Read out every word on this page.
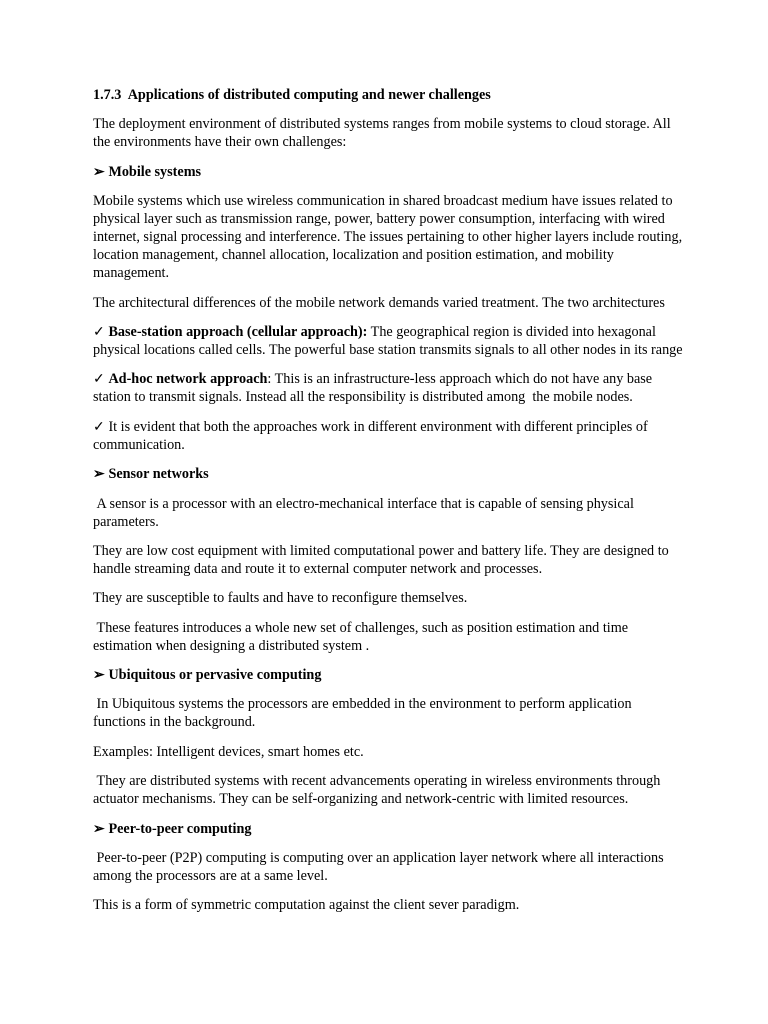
1.7.3 Applications of distributed computing and newer challenges

The deployment environment of distributed systems ranges from mobile systems to cloud storage. All the environments have their own challenges:

➢ Mobile systems

Mobile systems which use wireless communication in shared broadcast medium have issues related to physical layer such as transmission range, power, battery power consumption, interfacing with wired internet, signal processing and interference. The issues pertaining to other higher layers include routing, location management, channel allocation, localization and position estimation, and mobility management.

The architectural differences of the mobile network demands varied treatment. The two architectures

✓ Base-station approach (cellular approach): The geographical region is divided into hexagonal physical locations called cells. The powerful base station transmits signals to all other nodes in its range

✓ Ad-hoc network approach: This is an infrastructure-less approach which do not have any base station to transmit signals. Instead all the responsibility is distributed among  the mobile nodes.

✓ It is evident that both the approaches work in different environment with different principles of communication.

➢ Sensor networks

A sensor is a processor with an electro-mechanical interface that is capable of sensing physical parameters.

They are low cost equipment with limited computational power and battery life. They are designed to handle streaming data and route it to external computer network and processes.

They are susceptible to faults and have to reconfigure themselves.

These features introduces a whole new set of challenges, such as position estimation and time estimation when designing a distributed system .

➢ Ubiquitous or pervasive computing

In Ubiquitous systems the processors are embedded in the environment to perform application functions in the background.

Examples: Intelligent devices, smart homes etc.

They are distributed systems with recent advancements operating in wireless environments through actuator mechanisms. They can be self-organizing and network-centric with limited resources.

➢ Peer-to-peer computing

Peer-to-peer (P2P) computing is computing over an application layer network where all interactions among the processors are at a same level.

This is a form of symmetric computation against the client sever paradigm.
